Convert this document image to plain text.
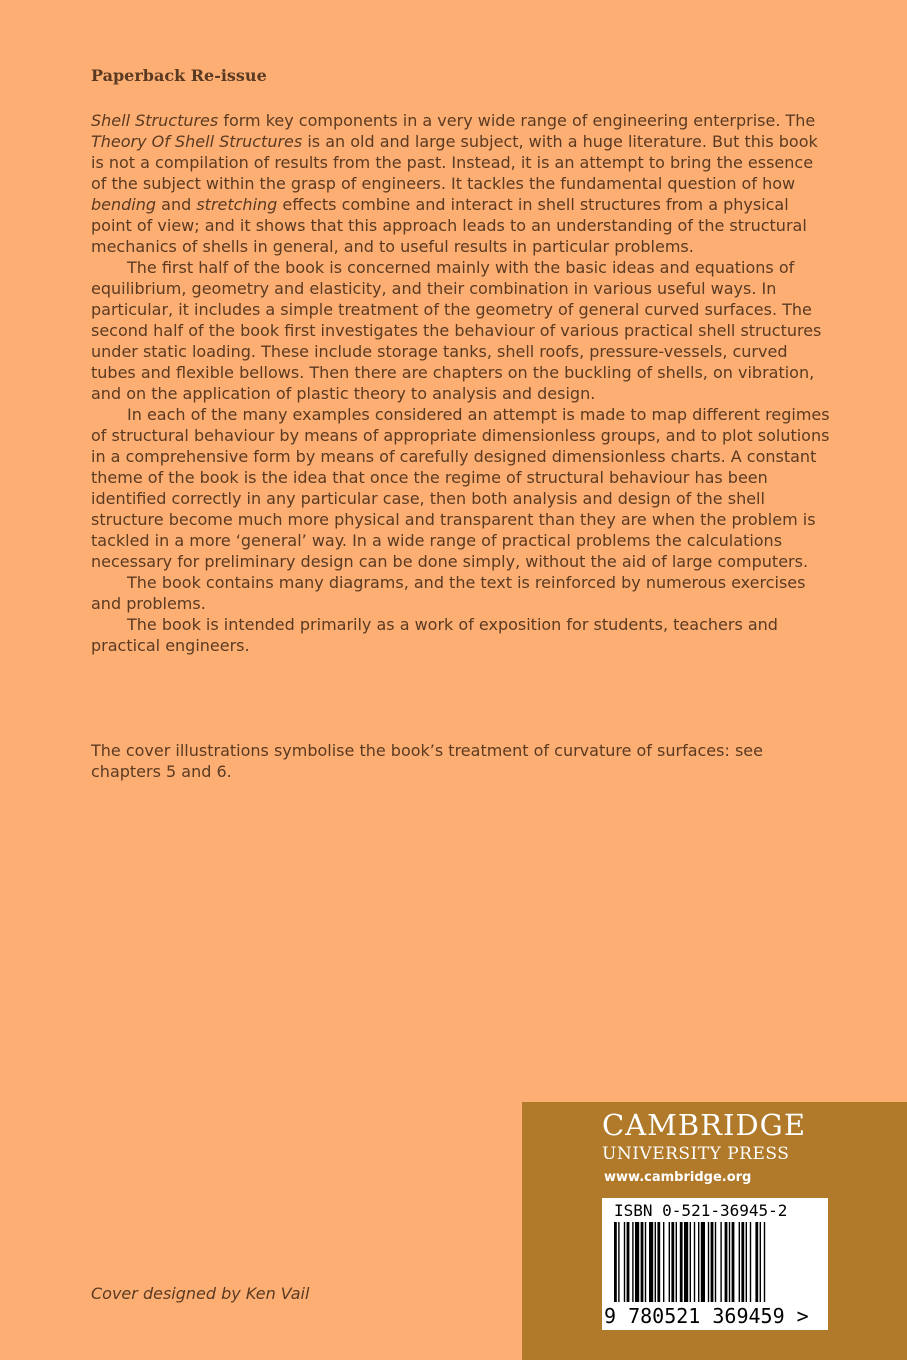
Paperback Re-issue

Shell Structures form key components in a very wide range of engineering enterprise. The Theory Of Shell Structures is an old and large subject, with a huge literature. But this book is not a compilation of results from the past. Instead, it is an attempt to bring the essence of the subject within the grasp of engineers. It tackles the fundamental question of how bending and stretching effects combine and interact in shell structures from a physical point of view; and it shows that this approach leads to an understanding of the structural mechanics of shells in general, and to useful results in particular problems.

The first half of the book is concerned mainly with the basic ideas and equations of equilibrium, geometry and elasticity, and their combination in various useful ways. In particular, it includes a simple treatment of the geometry of general curved surfaces. The second half of the book first investigates the behaviour of various practical shell structures under static loading. These include storage tanks, shell roofs, pressure-vessels, curved tubes and flexible bellows. Then there are chapters on the buckling of shells, on vibration, and on the application of plastic theory to analysis and design.

In each of the many examples considered an attempt is made to map different regimes of structural behaviour by means of appropriate dimensionless groups, and to plot solutions in a comprehensive form by means of carefully designed dimensionless charts. A constant theme of the book is the idea that once the regime of structural behaviour has been identified correctly in any particular case, then both analysis and design of the shell structure become much more physical and transparent than they are when the problem is tackled in a more ‘general’ way. In a wide range of practical problems the calculations necessary for preliminary design can be done simply, without the aid of large computers.

The book contains many diagrams, and the text is reinforced by numerous exercises and problems.

The book is intended primarily as a work of exposition for students, teachers and practical engineers.

The cover illustrations symbolise the book’s treatment of curvature of surfaces: see chapters 5 and 6.
Cover designed by Ken Vail
CAMBRIDGE
UNIVERSITY PRESS
www.cambridge.org
ISBN 0-521-36945-2
9 780521 369459 >
